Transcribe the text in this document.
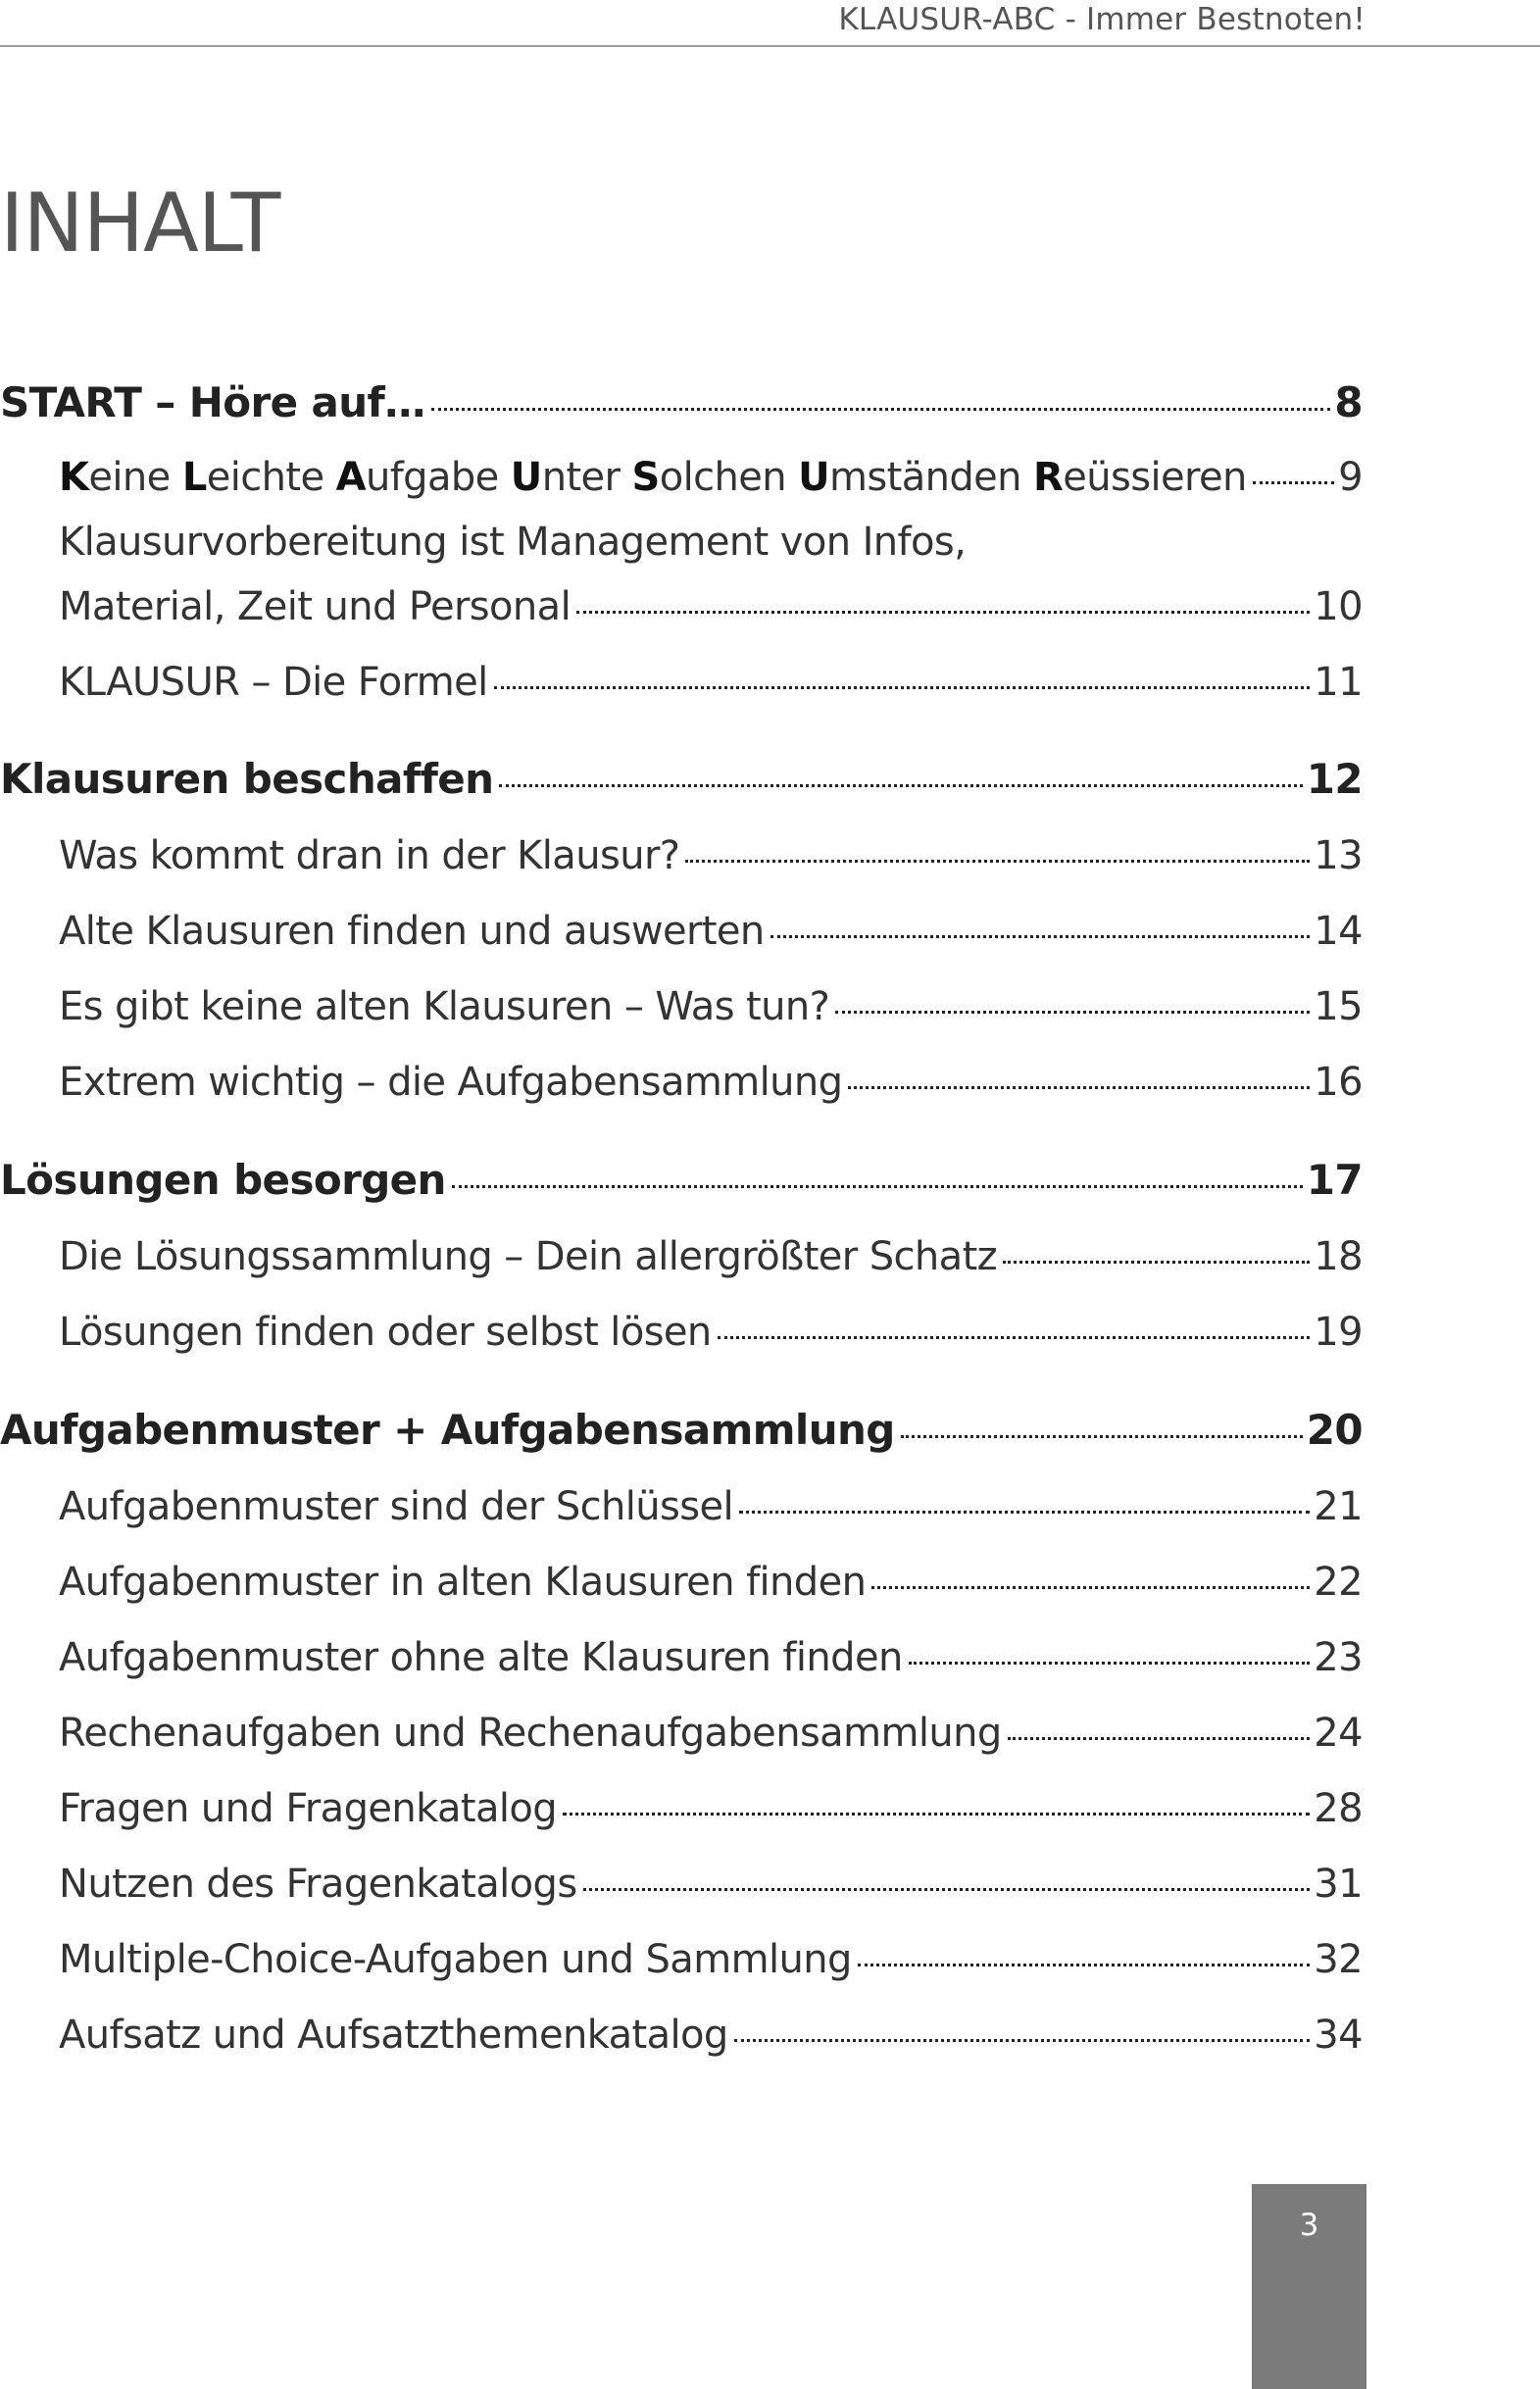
KLAUSUR-ABC - Immer Bestnoten!
INHALT
START – Höre auf…	8
Keine Leichte Aufgabe Unter Solchen Umständen Reüssieren 9
Klausurvorbereitung ist Management von Infos,
Material, Zeit und Personal	10
KLAUSUR – Die Formel	11
Klausuren beschaffen	12
Was kommt dran in der Klausur?	13
Alte Klausuren finden und auswerten	14
Es gibt keine alten Klausuren – Was tun?	15
Extrem wichtig – die Aufgabensammlung	16
Lösungen besorgen	17
Die Lösungssammlung – Dein allergrößter Schatz	18
Lösungen finden oder selbst lösen	19
Aufgabenmuster + Aufgabensammlung	20
Aufgabenmuster sind der Schlüssel	21
Aufgabenmuster in alten Klausuren finden	22
Aufgabenmuster ohne alte Klausuren finden	23
Rechenaufgaben und Rechenaufgabensammlung	24
Fragen und Fragenkatalog	28
Nutzen des Fragenkatalogs	31
Multiple-Choice-Aufgaben und Sammlung	32
Aufsatz und Aufsatzthemenkatalog	34
3
